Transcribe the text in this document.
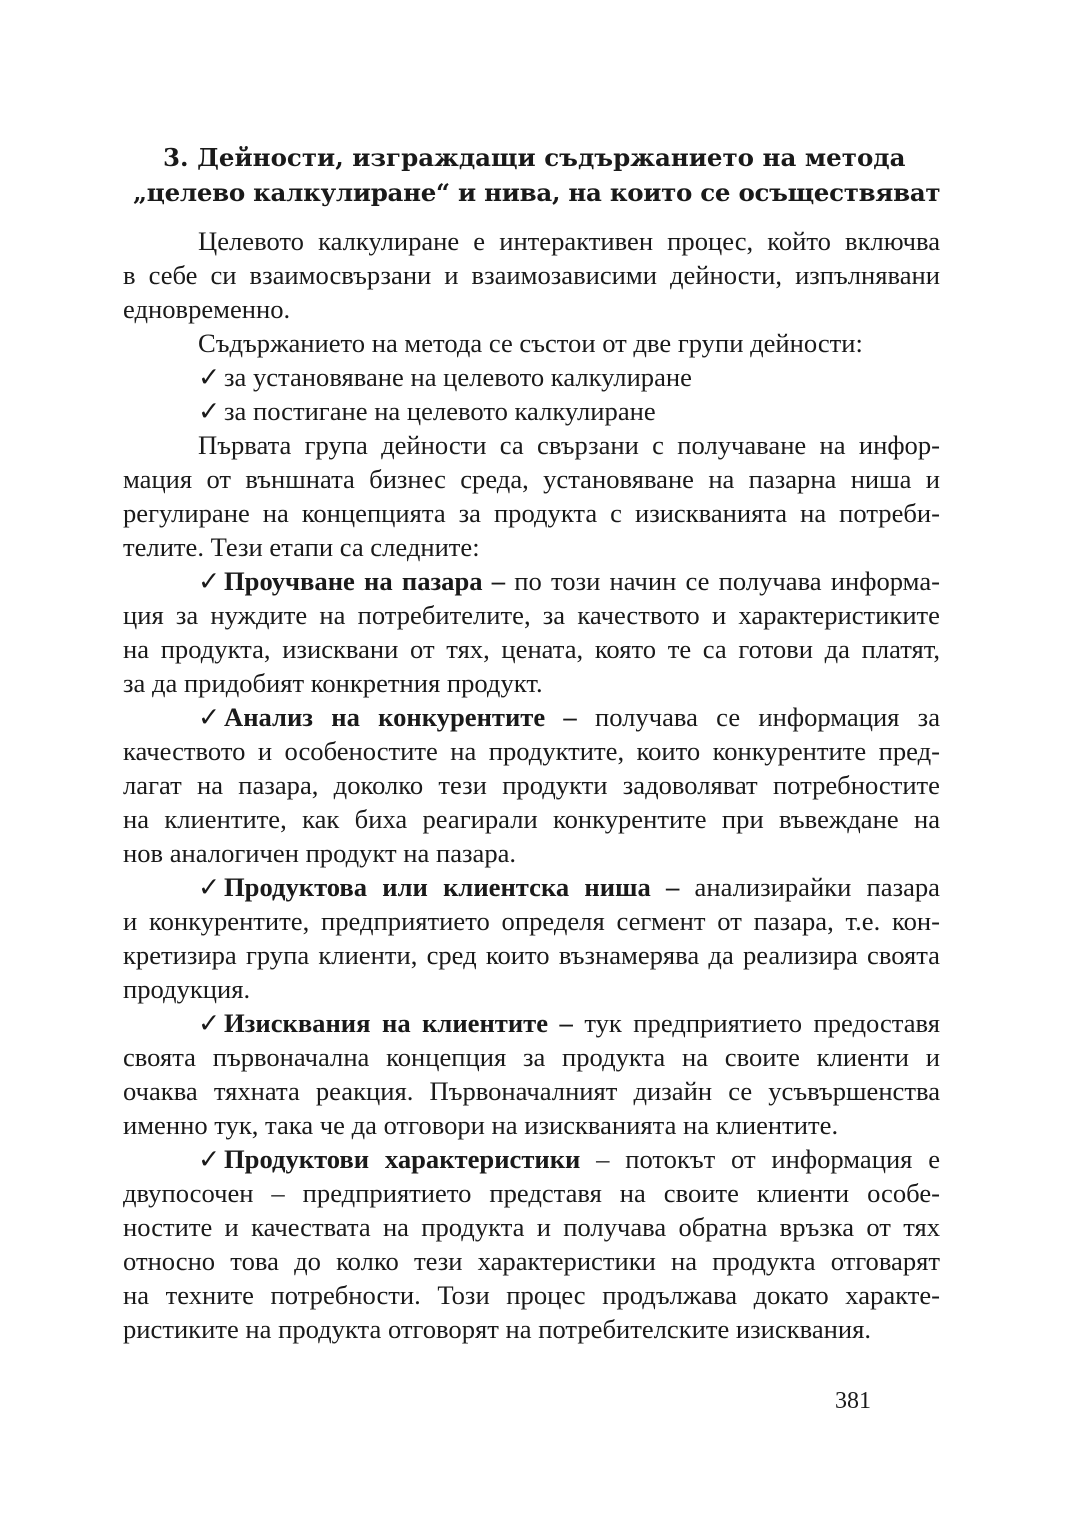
3. Дейности, изграждащи съдържанието на метода
„целево калкулиране“ и нива, на които се осъществяват

Целевото калкулиране е интерактивен процес, който включва
в себе си взаимосвързани и взаимозависими дейности, изпълнявани
едновременно.

Съдържанието на метода се състои от две групи дейности:

✓ за установяване на целевото калкулиране

✓ за постигане на целевото калкулиране

Първата група дейности са свързани с получаване на инфор-
мация от външната бизнес среда, установяване на пазарна ниша и
регулиране на концепцията за продукта с изискванията на потреби-
телите. Тези етапи са следните:

✓ Проучване на пазара – по този начин се получава информа-
ция за нуждите на потребителите, за качеството и характеристиките
на продукта, изисквани от тях, цената, която те са готови да платят,
за да придобият конкретния продукт.

✓ Анализ на конкурентите – получава се информация за
качеството и особеностите на продуктите, които конкурентите пред-
лагат на пазара, доколко тези продукти задоволяват потребностите
на клиентите, как биха реагирали конкурентите при въвеждане на
нов аналогичен продукт на пазара.

✓ Продуктова или клиентска ниша – анализирайки пазара
и конкурентите, предприятието определя сегмент от пазара, т.е. кон-
кретизира група клиенти, сред които възнамерява да реализира своята
продукция.

✓ Изисквания на клиентите – тук предприятието предоставя
своята първоначална концепция за продукта на своите клиенти и
очаква тяхната реакция. Първоначалният дизайн се усъвършенства
именно тук, така че да отговори на изискванията на клиентите.

✓ Продуктови характеристики – потокът от информация е
двупосочен – предприятието представя на своите клиенти особе-
ностите и качествата на продукта и получава обратна връзка от тях
относно това до колко тези характеристики на продукта отговарят
на техните потребности. Този процес продължава докато характе-
ристиките на продукта отговорят на потребителските изисквания.

381
